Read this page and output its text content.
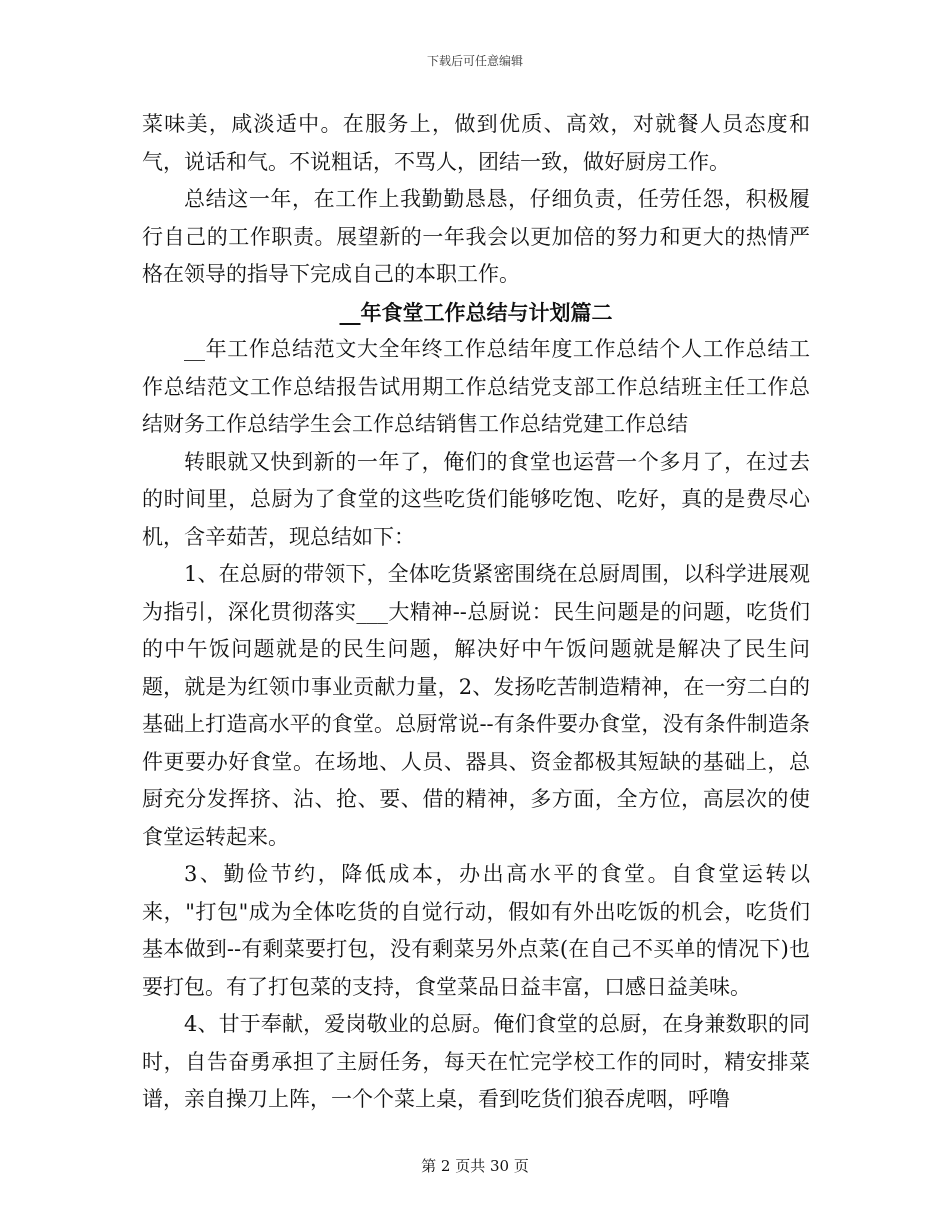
下载后可任意编辑

菜味美，咸淡适中。在服务上，做到优质、高效，对就餐人员态度和气，说话和气。不说粗话，不骂人，团结一致，做好厨房工作。

总结这一年，在工作上我勤勤恳恳，仔细负责，任劳任怨，积极履行自己的工作职责。展望新的一年我会以更加倍的努力和更大的热情严格在领导的指导下完成自己的本职工作。

__年食堂工作总结与计划篇二

__年工作总结范文大全年终工作总结年度工作总结个人工作总结工作总结范文工作总结报告试用期工作总结党支部工作总结班主任工作总结财务工作总结学生会工作总结销售工作总结党建工作总结

转眼就又快到新的一年了，俺们的食堂也运营一个多月了，在过去的时间里，总厨为了食堂的这些吃货们能够吃饱、吃好，真的是费尽心机，含辛茹苦，现总结如下：

1、在总厨的带领下，全体吃货紧密围绕在总厨周围，以科学进展观为指引，深化贯彻落实___大精神--总厨说：民生问题是的问题，吃货们的中午饭问题就是的民生问题，解决好中午饭问题就是解决了民生问题，就是为红领巾事业贡献力量，2、发扬吃苦制造精神，在一穷二白的基础上打造高水平的食堂。总厨常说--有条件要办食堂，没有条件制造条件更要办好食堂。在场地、人员、器具、资金都极其短缺的基础上，总厨充分发挥挤、沾、抢、要、借的精神，多方面，全方位，高层次的使食堂运转起来。

3、勤俭节约，降低成本，办出高水平的食堂。自食堂运转以来，"打包"成为全体吃货的自觉行动，假如有外出吃饭的机会，吃货们基本做到--有剩菜要打包，没有剩菜另外点菜(在自己不买单的情况下)也要打包。有了打包菜的支持，食堂菜品日益丰富，口感日益美味。

4、甘于奉献，爱岗敬业的总厨。俺们食堂的总厨，在身兼数职的同时，自告奋勇承担了主厨任务，每天在忙完学校工作的同时，精安排菜谱，亲自操刀上阵，一个个菜上桌，看到吃货们狼吞虎咽，呼噜

第 2 页共 30 页
